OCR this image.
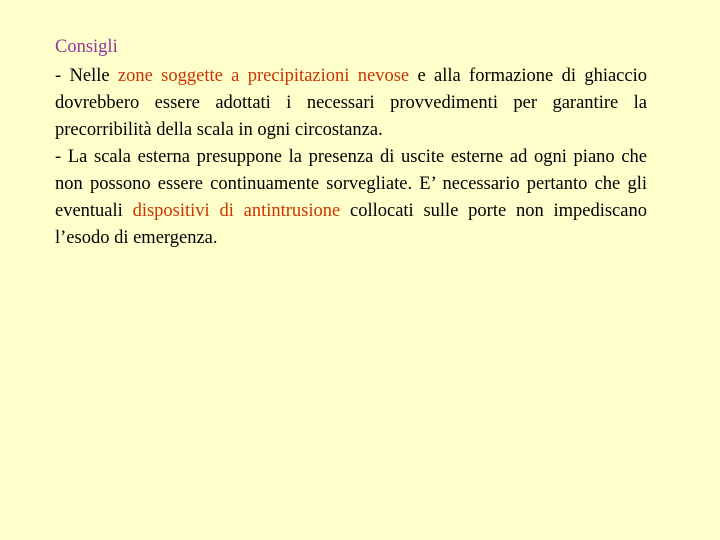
Consigli

- Nelle zone soggette a precipitazioni nevose e alla formazione di ghiaccio dovrebbero essere adottati i necessari provvedimenti per garantire la precorribilità della scala in ogni circostanza.

- La scala esterna presuppone la presenza di uscite esterne ad ogni piano che non possono essere continuamente sorvegliate. E’ necessario pertanto che gli eventuali dispositivi di antintrusione collocati sulle porte non impediscano l’esodo di emergenza.
